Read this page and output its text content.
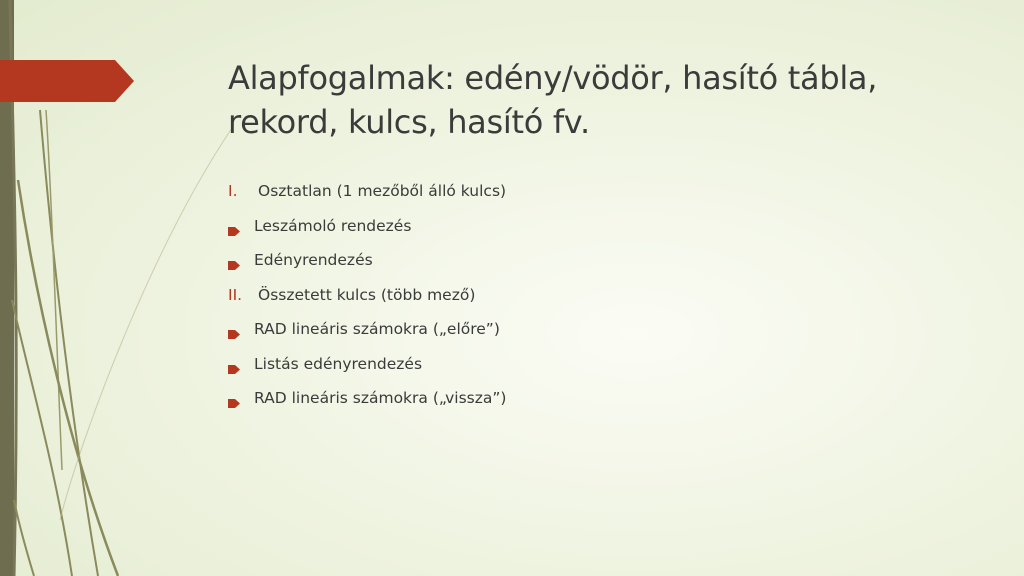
Alapfogalmak: edény/vödör, hasító tábla, rekord, kulcs, hasító fv.
I.	Osztatlan (1 mezőből álló kulcs)
Leszámoló rendezés
Edényrendezés
II.	Összetett kulcs (több mező)
RAD lineáris számokra („előre”)
Listás edényrendezés
RAD lineáris számokra („vissza”)
